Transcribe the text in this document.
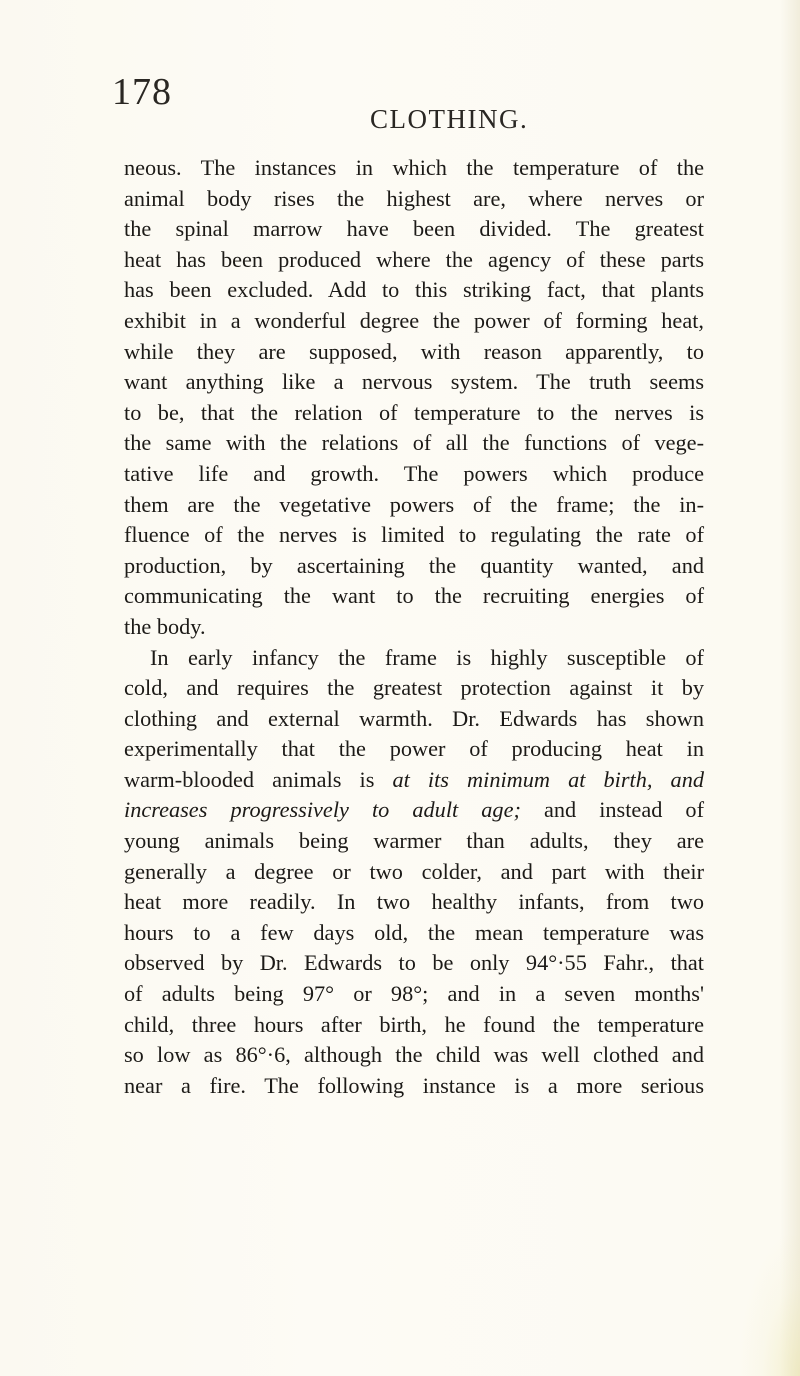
178
CLOTHING.
neous. The instances in which the temperature of the
animal body rises the highest are, where nerves or
the spinal marrow have been divided. The greatest
heat has been produced where the agency of these parts
has been excluded. Add to this striking fact, that plants
exhibit in a wonderful degree the power of forming heat,
while they are supposed, with reason apparently, to
want anything like a nervous system. The truth seems
to be, that the relation of temperature to the nerves is
the same with the relations of all the functions of vege-
tative life and growth. The powers which produce
them are the vegetative powers of the frame; the in-
fluence of the nerves is limited to regulating the rate of
production, by ascertaining the quantity wanted, and
communicating the want to the recruiting energies of
the body.
In early infancy the frame is highly susceptible of
cold, and requires the greatest protection against it by
clothing and external warmth. Dr. Edwards has shown
experimentally that the power of producing heat in
warm-blooded animals is at its minimum at birth, and
increases progressively to adult age; and instead of
young animals being warmer than adults, they are
generally a degree or two colder, and part with their
heat more readily. In two healthy infants, from two
hours to a few days old, the mean temperature was
observed by Dr. Edwards to be only 94°·55 Fahr., that
of adults being 97° or 98°; and in a seven months'
child, three hours after birth, he found the temperature
so low as 86°·6, although the child was well clothed and
near a fire. The following instance is a more serious
